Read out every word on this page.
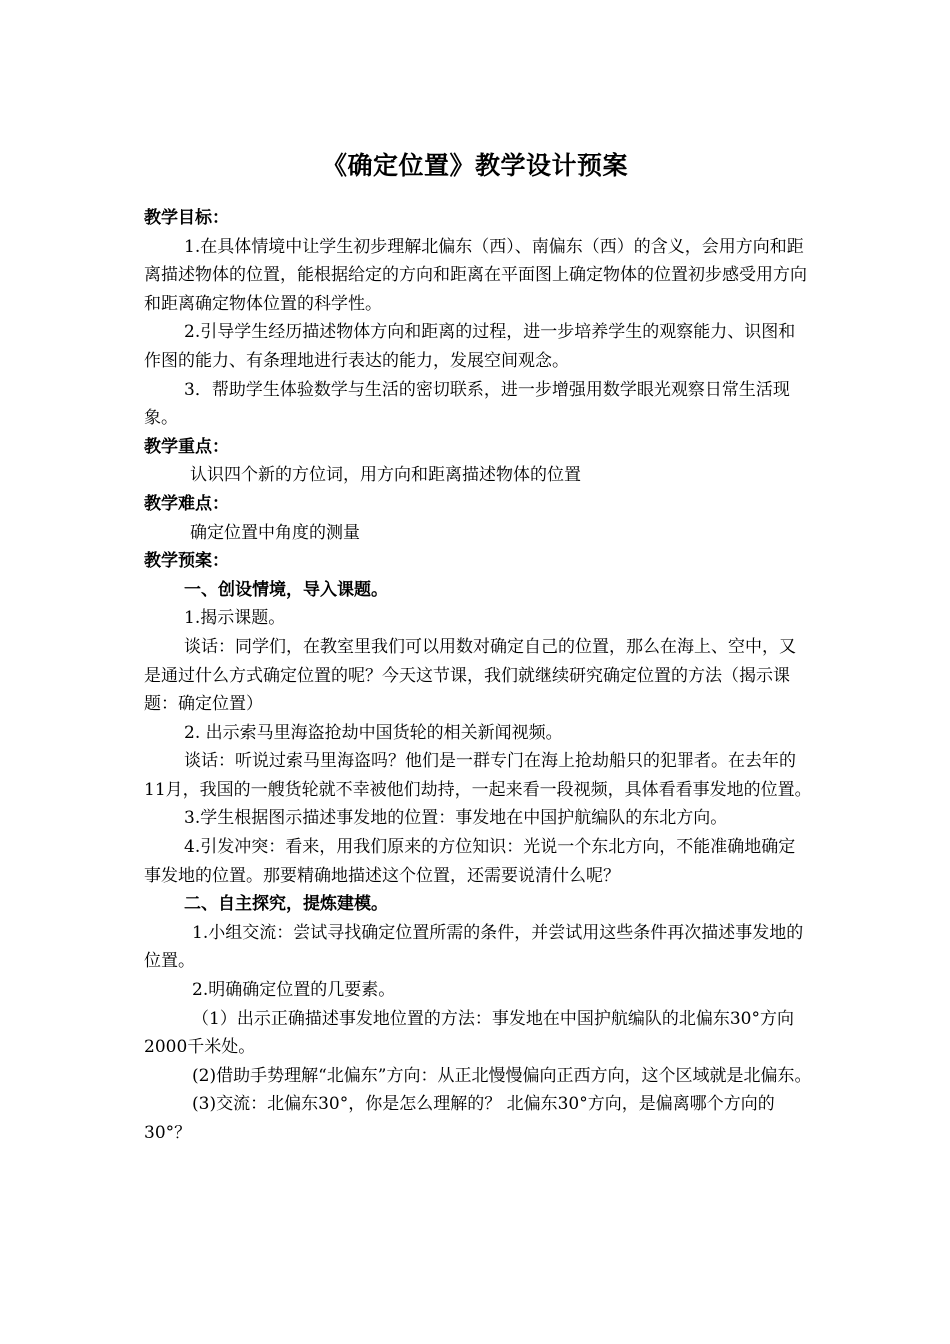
《确定位置》教学设计预案

教学目标：

1.在具体情境中让学生初步理解北偏东（西）、南偏东（西）的含义，会用方向和距离描述物体的位置，能根据给定的方向和距离在平面图上确定物体的位置初步感受用方向和距离确定物体位置的科学性。

2.引导学生经历描述物体方向和距离的过程，进一步培养学生的观察能力、识图和作图的能力、有条理地进行表达的能力，发展空间观念。

3．帮助学生体验数学与生活的密切联系，进一步增强用数学眼光观察日常生活现象。

教学重点：

认识四个新的方位词，用方向和距离描述物体的位置

教学难点：

确定位置中角度的测量

教学预案：

一、创设情境，导入课题。

1.揭示课题。

谈话：同学们，在教室里我们可以用数对确定自己的位置，那么在海上、空中，又是通过什么方式确定位置的呢？今天这节课，我们就继续研究确定位置的方法（揭示课题：确定位置）

2. 出示索马里海盗抢劫中国货轮的相关新闻视频。

谈话：听说过索马里海盗吗？他们是一群专门在海上抢劫船只的犯罪者。在去年的11月，我国的一艘货轮就不幸被他们劫持，一起来看一段视频，具体看看事发地的位置。

3.学生根据图示描述事发地的位置：事发地在中国护航编队的东北方向。

4.引发冲突：看来，用我们原来的方位知识：光说一个东北方向，不能准确地确定事发地的位置。那要精确地描述这个位置，还需要说清什么呢？

二、自主探究，提炼建模。

1.小组交流：尝试寻找确定位置所需的条件，并尝试用这些条件再次描述事发地的位置。

2.明确确定位置的几要素。

（1）出示正确描述事发地位置的方法：事发地在中国护航编队的北偏东30°方向2000千米处。

(2)借助手势理解“北偏东”方向：从正北慢慢偏向正西方向，这个区域就是北偏东。

(3)交流：北偏东30°，你是怎么理解的？ 北偏东30°方向，是偏离哪个方向的30°？
